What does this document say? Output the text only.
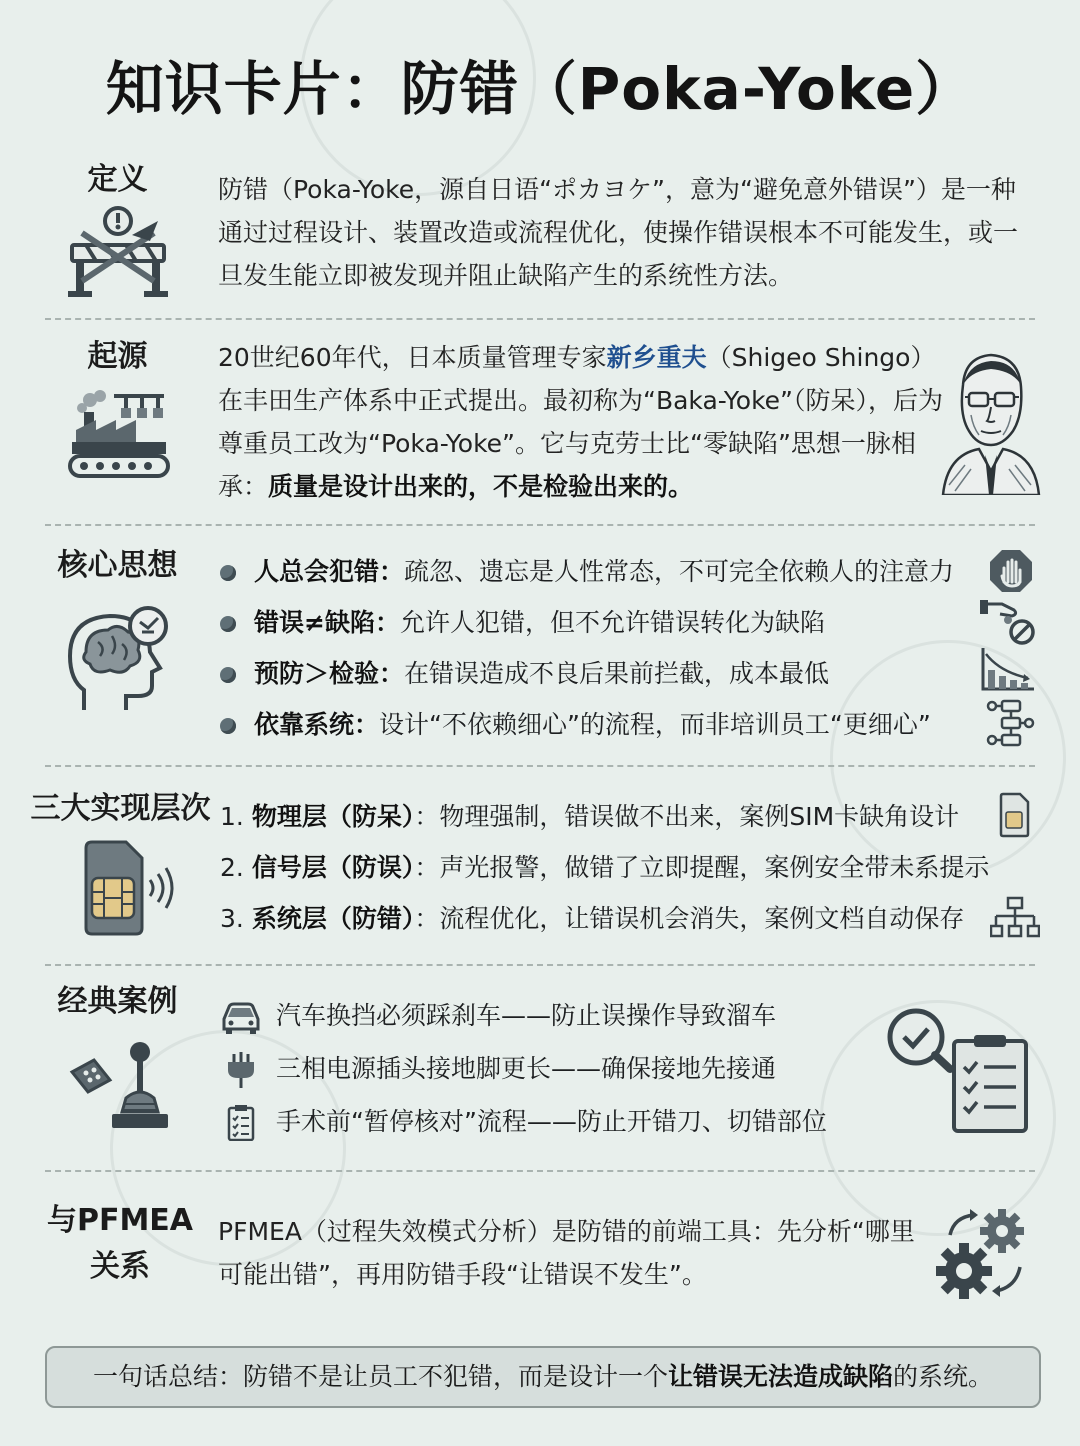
知识卡片：防错（Poka-Yoke）
定义	防错（Poka-Yoke，源自日语“ポカヨケ”，意为“避免意外错误”）是一种通过过程设计、装置改造或流程优化，使操作错误根本不可能发生，或一旦发生能立即被发现并阻止缺陷产生的系统性方法。
起源	20世纪60年代，日本质量管理专家新乡重夫（Shigeo Shingo）在丰田生产体系中正式提出。最初称为“Baka-Yoke”（防呆），后为尊重员工改为“Poka-Yoke”。它与克劳士比“零缺陷”思想一脉相承：质量是设计出来的，不是检验出来的。
核心思想	人总会犯错：疏忽、遗忘是人性常态，不可完全依赖人的注意力
错误≠缺陷：允许人犯错，但不允许错误转化为缺陷
预防＞检验：在错误造成不良后果前拦截，成本最低
依靠系统：设计“不依赖细心”的流程，而非培训员工“更细心”
三大实现层次 1. 物理层（防呆）：物理强制，错误做不出来，案例SIM卡缺角设计
2. 信号层（防误）：声光报警，做错了立即提醒，案例安全带未系提示
3. 系统层（防错）：流程优化，让错误机会消失，案例文档自动保存
经典案例	汽车换挡必须踩刹车——防止误操作导致溜车
三相电源插头接地脚更长——确保接地先接通
手术前“暂停核对”流程——防止开错刀、切错部位
与PFMEA
关系
PFMEA（过程失效模式分析）是防错的前端工具：先分析“哪里可能出错”，再用防错手段“让错误不发生”。
一句话总结：防错不是让员工不犯错，而是设计一个让错误无法造成缺陷的系统。
